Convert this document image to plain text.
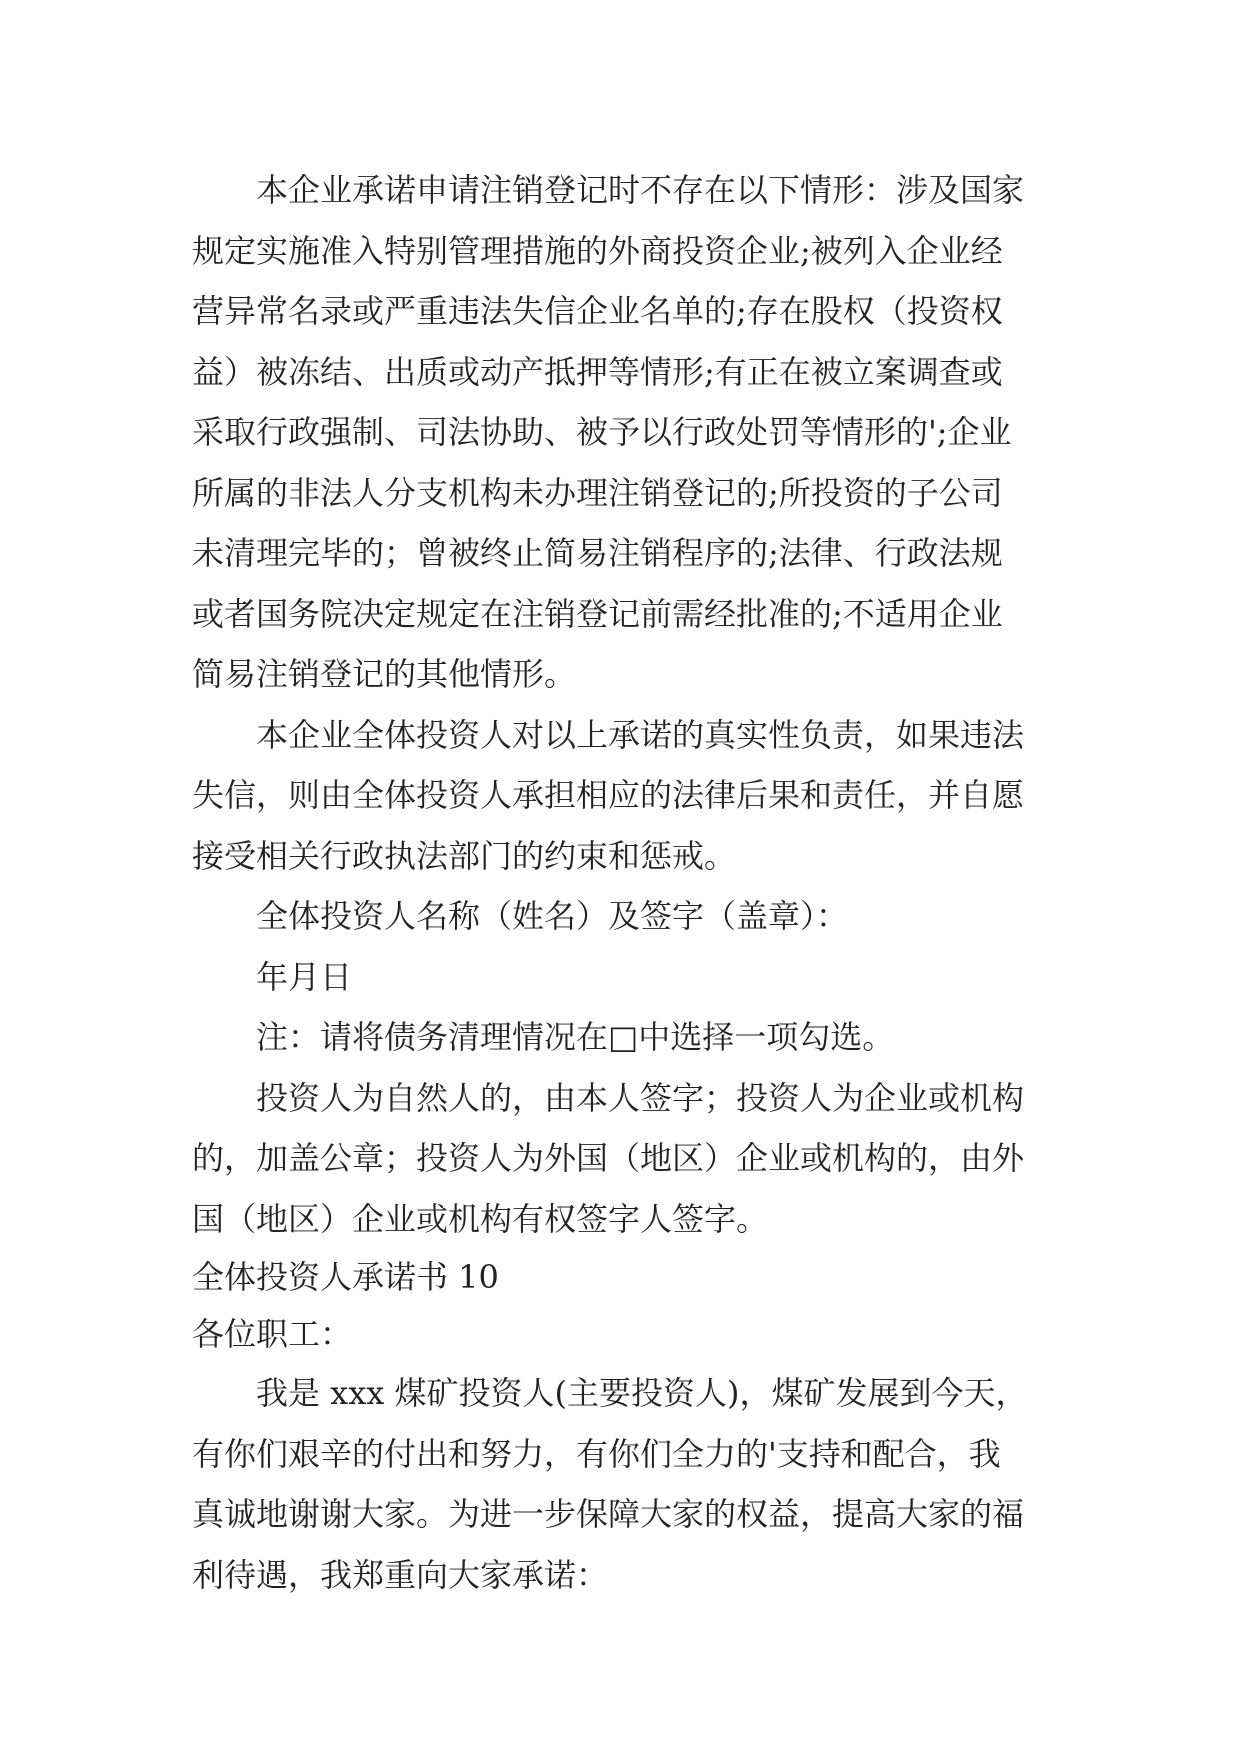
本企业承诺申请注销登记时不存在以下情形：涉及国家
规定实施准入特别管理措施的外商投资企业;被列入企业经
营异常名录或严重违法失信企业名单的;存在股权（投资权
益）被冻结、出质或动产抵押等情形;有正在被立案调查或
采取行政强制、司法协助、被予以行政处罚等情形的';企业
所属的非法人分支机构未办理注销登记的;所投资的子公司
未清理完毕的；曾被终止简易注销程序的;法律、行政法规
或者国务院决定规定在注销登记前需经批准的;不适用企业
简易注销登记的其他情形。
本企业全体投资人对以上承诺的真实性负责，如果违法
失信，则由全体投资人承担相应的法律后果和责任，并自愿
接受相关行政执法部门的约束和惩戒。
全体投资人名称（姓名）及签字（盖章）：
年月日
注：请将债务清理情况在□中选择一项勾选。
投资人为自然人的，由本人签字；投资人为企业或机构
的，加盖公章；投资人为外国（地区）企业或机构的，由外
国（地区）企业或机构有权签字人签字。
全体投资人承诺书 10
各位职工：
我是 xxx 煤矿投资人(主要投资人)，煤矿发展到今天，
有你们艰辛的付出和努力，有你们全力的'支持和配合，我
真诚地谢谢大家。为进一步保障大家的权益，提高大家的福
利待遇，我郑重向大家承诺：
